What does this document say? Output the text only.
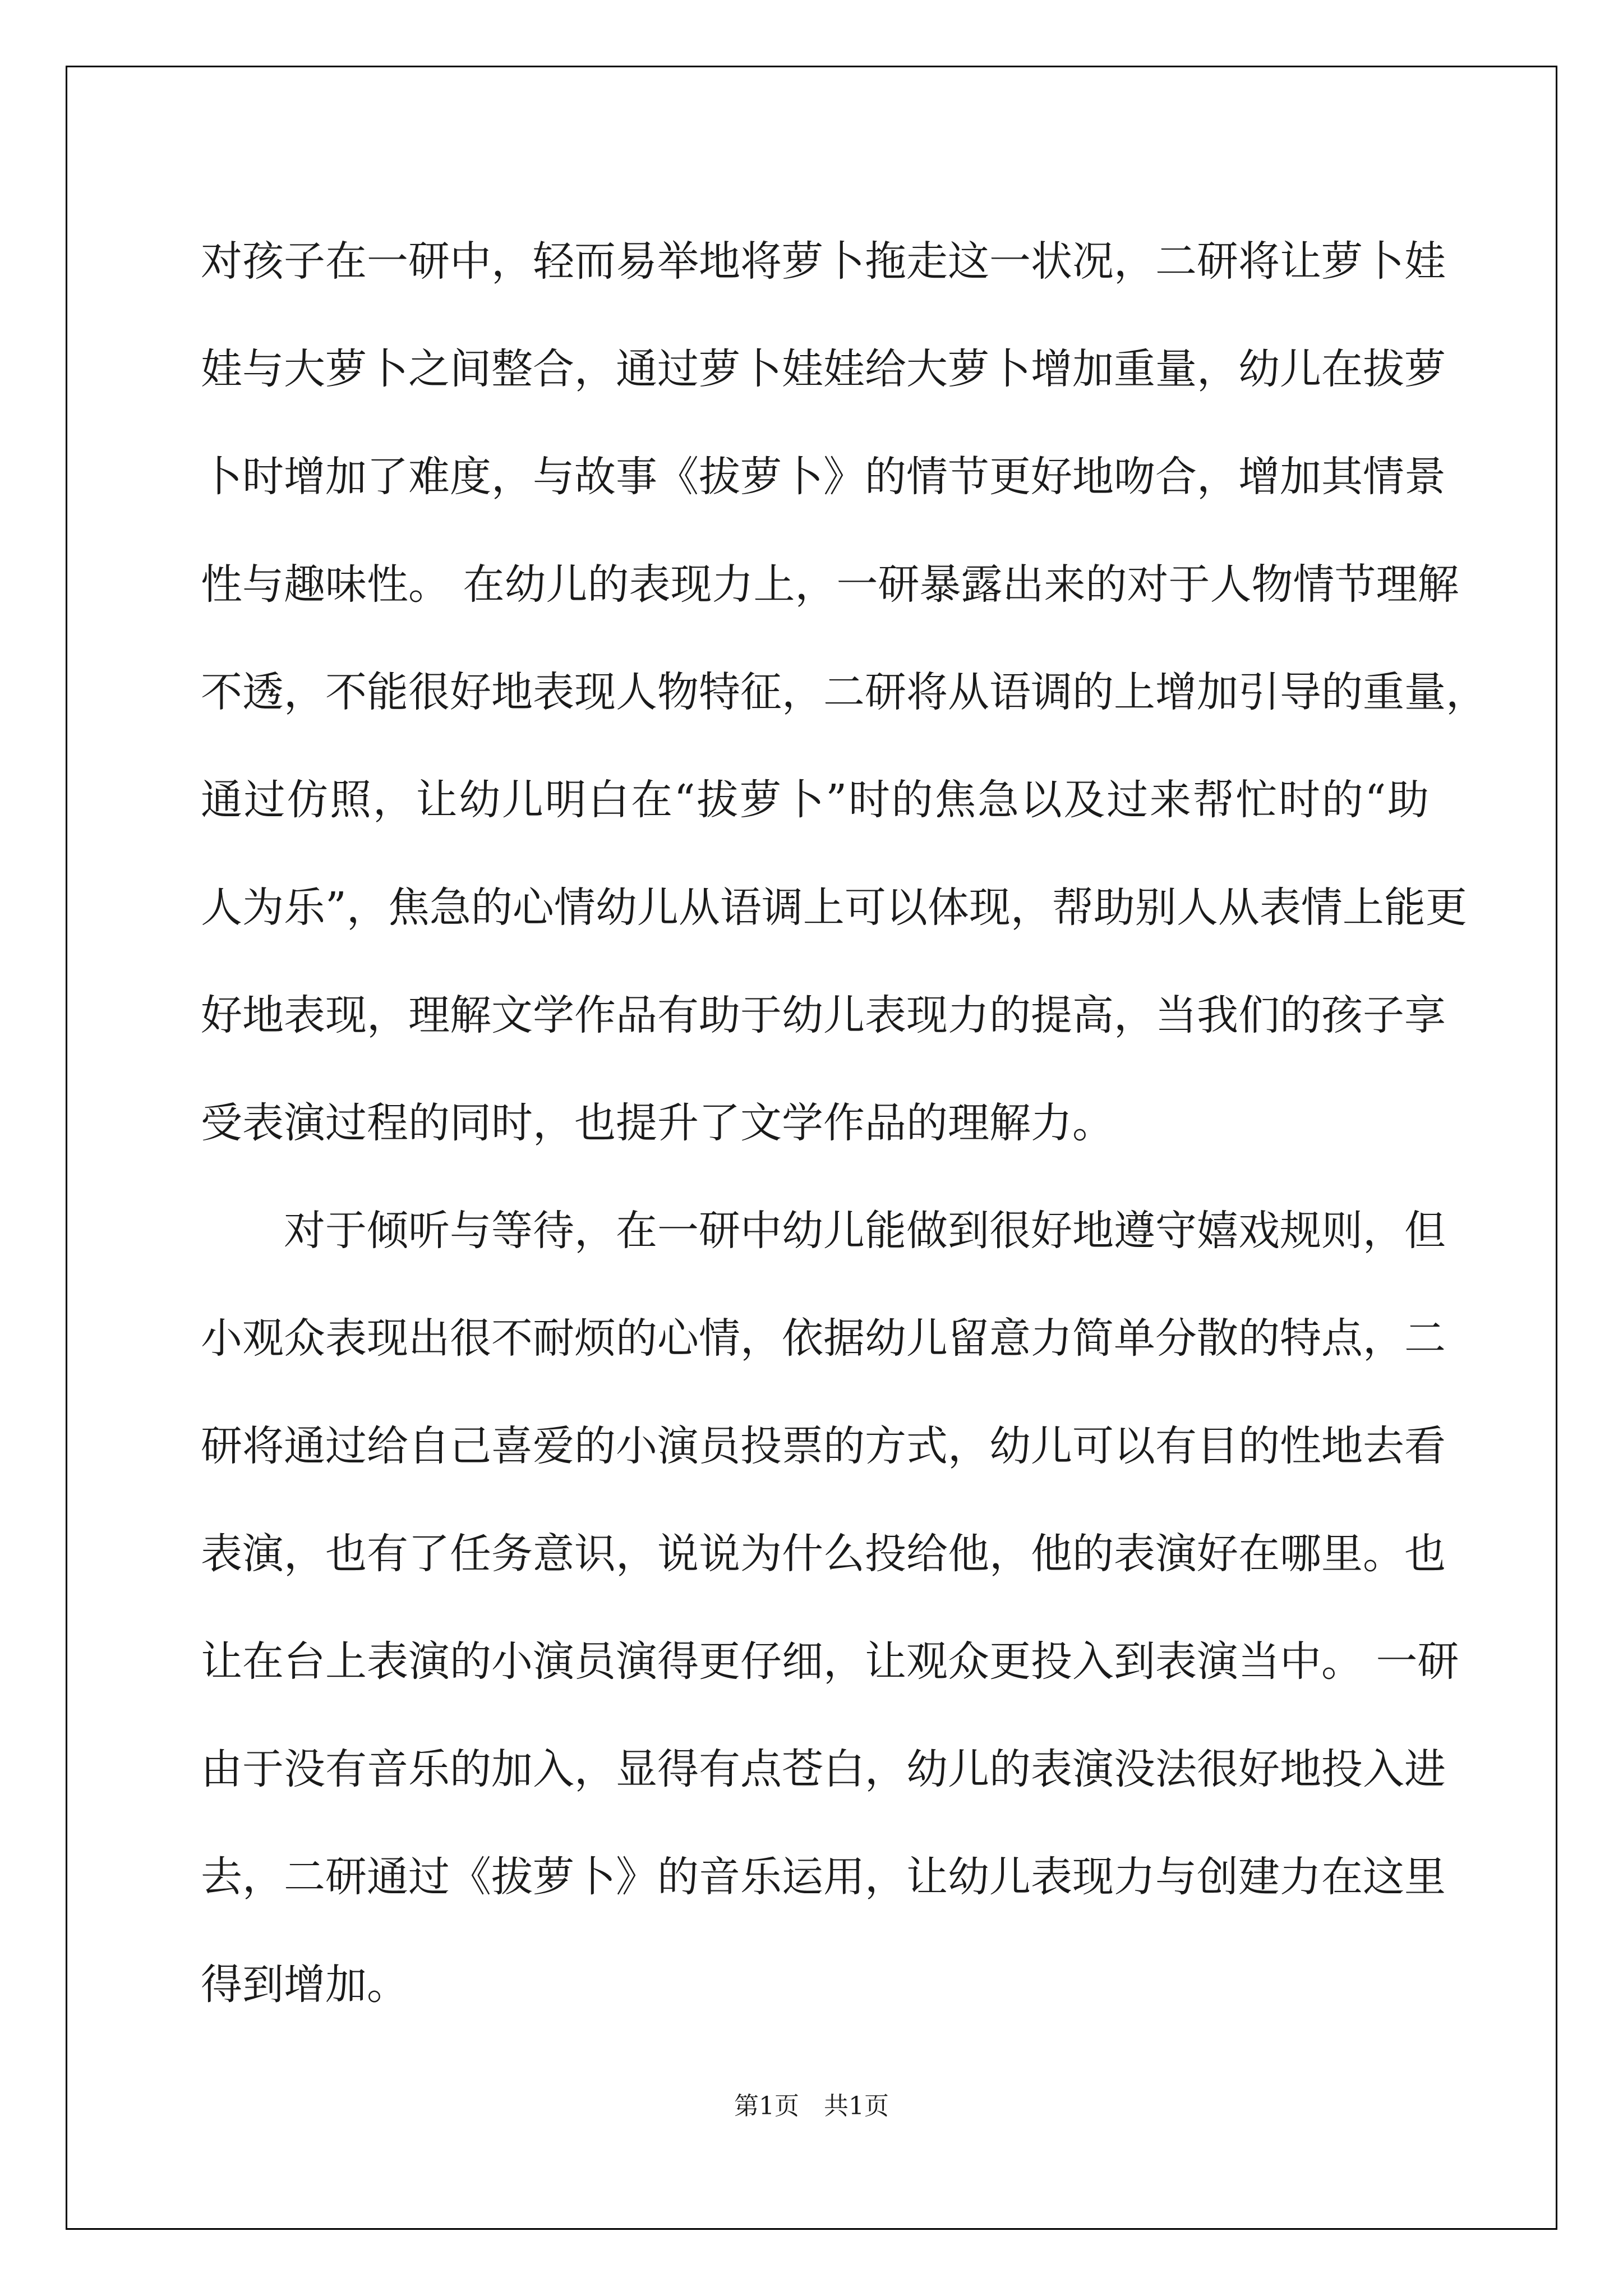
对孩子在一研中，轻而易举地将萝卜拖走这一状况，二研将让萝卜娃
娃与大萝卜之间整合，通过萝卜娃娃给大萝卜增加重量，幼儿在拔萝
卜时增加了难度，与故事《拔萝卜》的情节更好地吻合，增加其情景
性与趣味性。 在幼儿的表现力上，一研暴露出来的对于人物情节理解
不透，不能很好地表现人物特征，二研将从语调的上增加引导的重量，
通过仿照，让幼儿明白在“拔萝卜”时的焦急以及过来帮忙时的“助
人为乐”，焦急的心情幼儿从语调上可以体现，帮助别人从表情上能更
好地表现，理解文学作品有助于幼儿表现力的提高，当我们的孩子享
受表演过程的同时，也提升了文学作品的理解力。
对于倾听与等待，在一研中幼儿能做到很好地遵守嬉戏规则，但
小观众表现出很不耐烦的心情，依据幼儿留意力简单分散的特点，二
研将通过给自己喜爱的小演员投票的方式，幼儿可以有目的性地去看
表演，也有了任务意识，说说为什么投给他，他的表演好在哪里。也
让在台上表演的小演员演得更仔细，让观众更投入到表演当中。 一研
由于没有音乐的加入，显得有点苍白，幼儿的表演没法很好地投入进
去，二研通过《拔萝卜》的音乐运用，让幼儿表现力与创建力在这里
得到增加。
第1页　共1页
